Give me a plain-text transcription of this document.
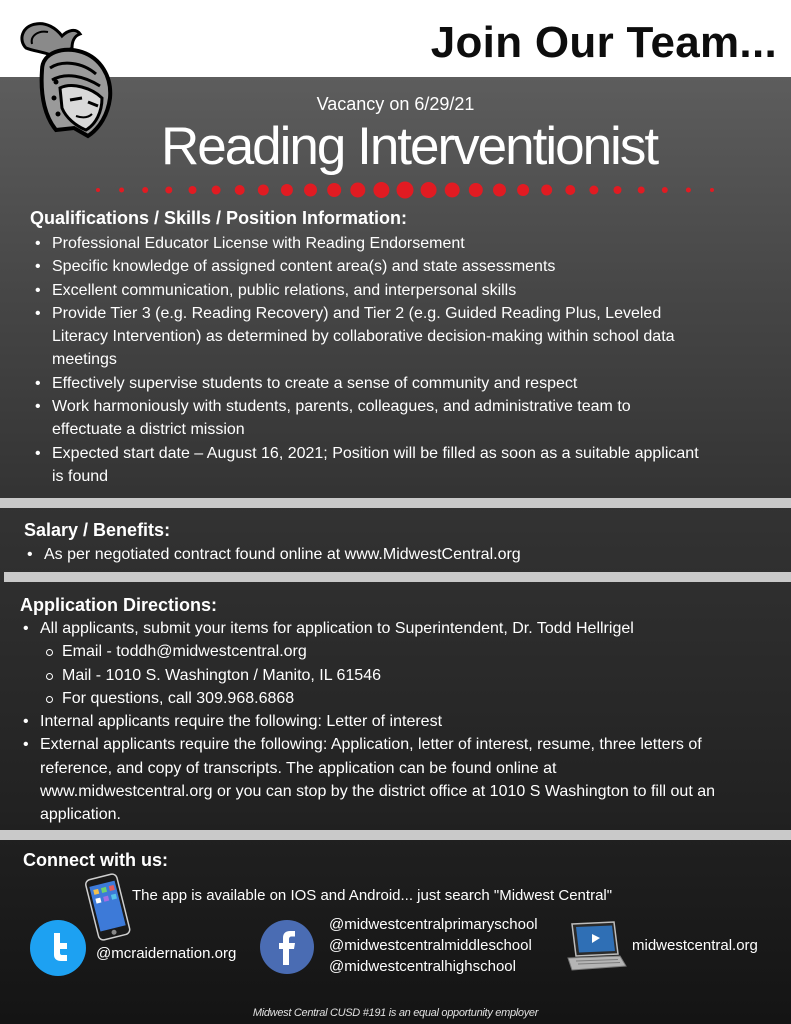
Join Our Team...
Vacancy on 6/29/21
Reading Interventionist
Qualifications / Skills / Position Information:
• Professional Educator License with Reading Endorsement
• Specific knowledge of assigned content area(s) and state assessments
• Excellent communication, public relations, and interpersonal skills
• Provide Tier 3 (e.g. Reading Recovery) and Tier 2 (e.g. Guided Reading Plus, Leveled Literacy Intervention) as determined by collaborative decision-making within school data meetings
• Effectively supervise students to create a sense of community and respect
• Work harmoniously with students, parents, colleagues, and administrative team to effectuate a district mission
• Expected start date – August 16, 2021; Position will be filled as soon as a suitable applicant is found
Salary / Benefits:
• As per negotiated contract found online at www.MidwestCentral.org
Application Directions:
• All applicants, submit your items for application to Superintendent, Dr. Todd Hellrigel
Email - toddh@midwestcentral.org
Mail - 1010 S. Washington / Manito, IL 61546
For questions, call 309.968.6868
• Internal applicants require the following: Letter of interest
• External applicants require the following: Application, letter of interest, resume, three letters of reference, and copy of transcripts. The application can be found online at www.midwestcentral.org or you can stop by the district office at 1010 S Washington to fill out an application.
Connect with us:
The app is available on IOS and Android... just search "Midwest Central"
@mcraidernation.org
@midwestcentralprimaryschool
@midwestcentralmiddleschool
@midwestcentralhighschool
midwestcentral.org
Midwest Central CUSD #191 is an equal opportunity employer
